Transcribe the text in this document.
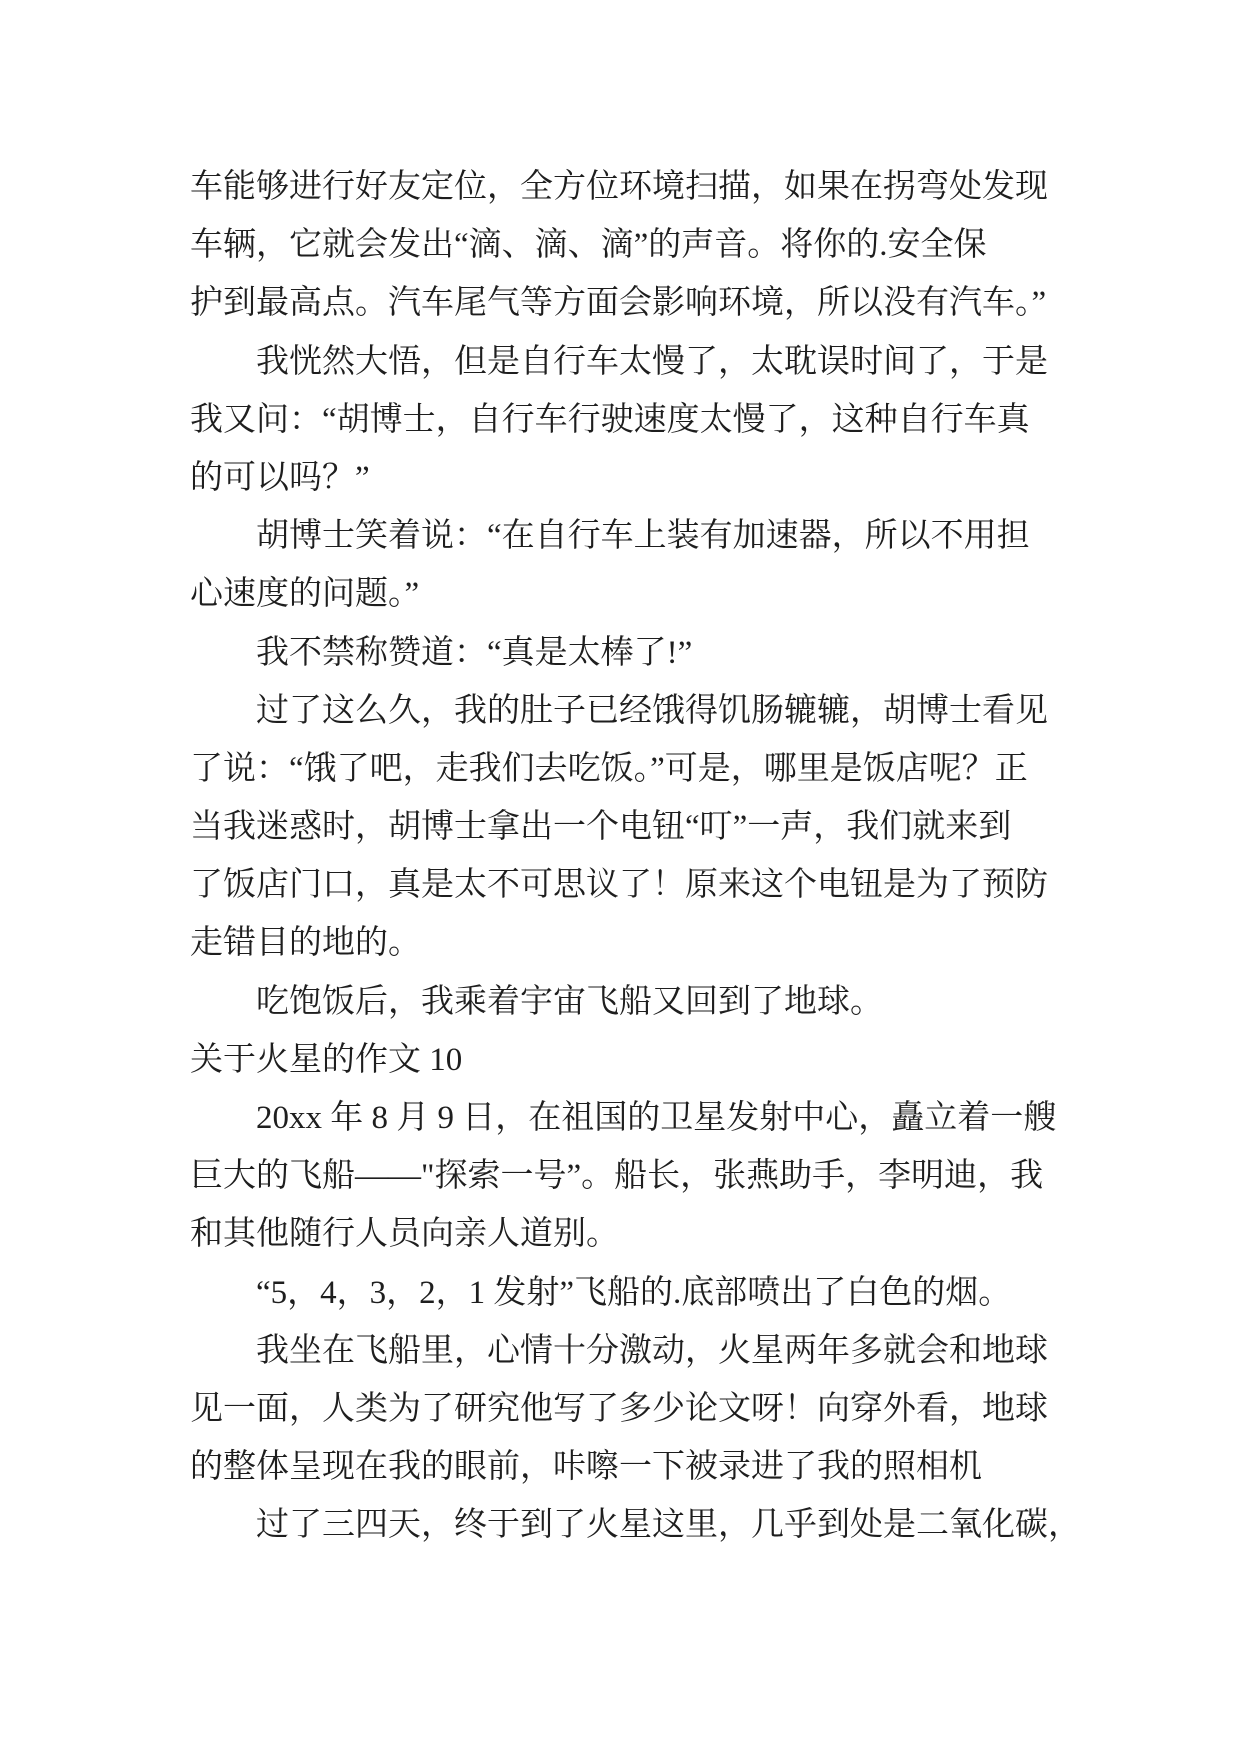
车能够进行好友定位，全方位环境扫描，如果在拐弯处发现
车辆，它就会发出“滴、滴、滴”的声音。将你的.安全保
护到最高点。汽车尾气等方面会影响环境，所以没有汽车。”
我恍然大悟，但是自行车太慢了，太耽误时间了，于是
我又问：“胡博士，自行车行驶速度太慢了，这种自行车真
的可以吗？”
胡博士笑着说：“在自行车上装有加速器，所以不用担
心速度的问题。”
我不禁称赞道：“真是太棒了!”
过了这么久，我的肚子已经饿得饥肠辘辘，胡博士看见
了说：“饿了吧，走我们去吃饭。”可是，哪里是饭店呢？正
当我迷惑时，胡博士拿出一个电钮“叮”一声，我们就来到
了饭店门口，真是太不可思议了！原来这个电钮是为了预防
走错目的地的。
吃饱饭后，我乘着宇宙飞船又回到了地球。
关于火星的作文 10
20xx 年 8 月 9 日，在祖国的卫星发射中心，矗立着一艘
巨大的飞船——"探索一号”。船长，张燕助手，李明迪，我
和其他随行人员向亲人道别。
“5，4，3，2，1 发射”飞船的.底部喷出了白色的烟。
我坐在飞船里，心情十分激动，火星两年多就会和地球
见一面，人类为了研究他写了多少论文呀！向穿外看，地球
的整体呈现在我的眼前，咔嚓一下被录进了我的照相机
过了三四天，终于到了火星这里，几乎到处是二氧化碳，
